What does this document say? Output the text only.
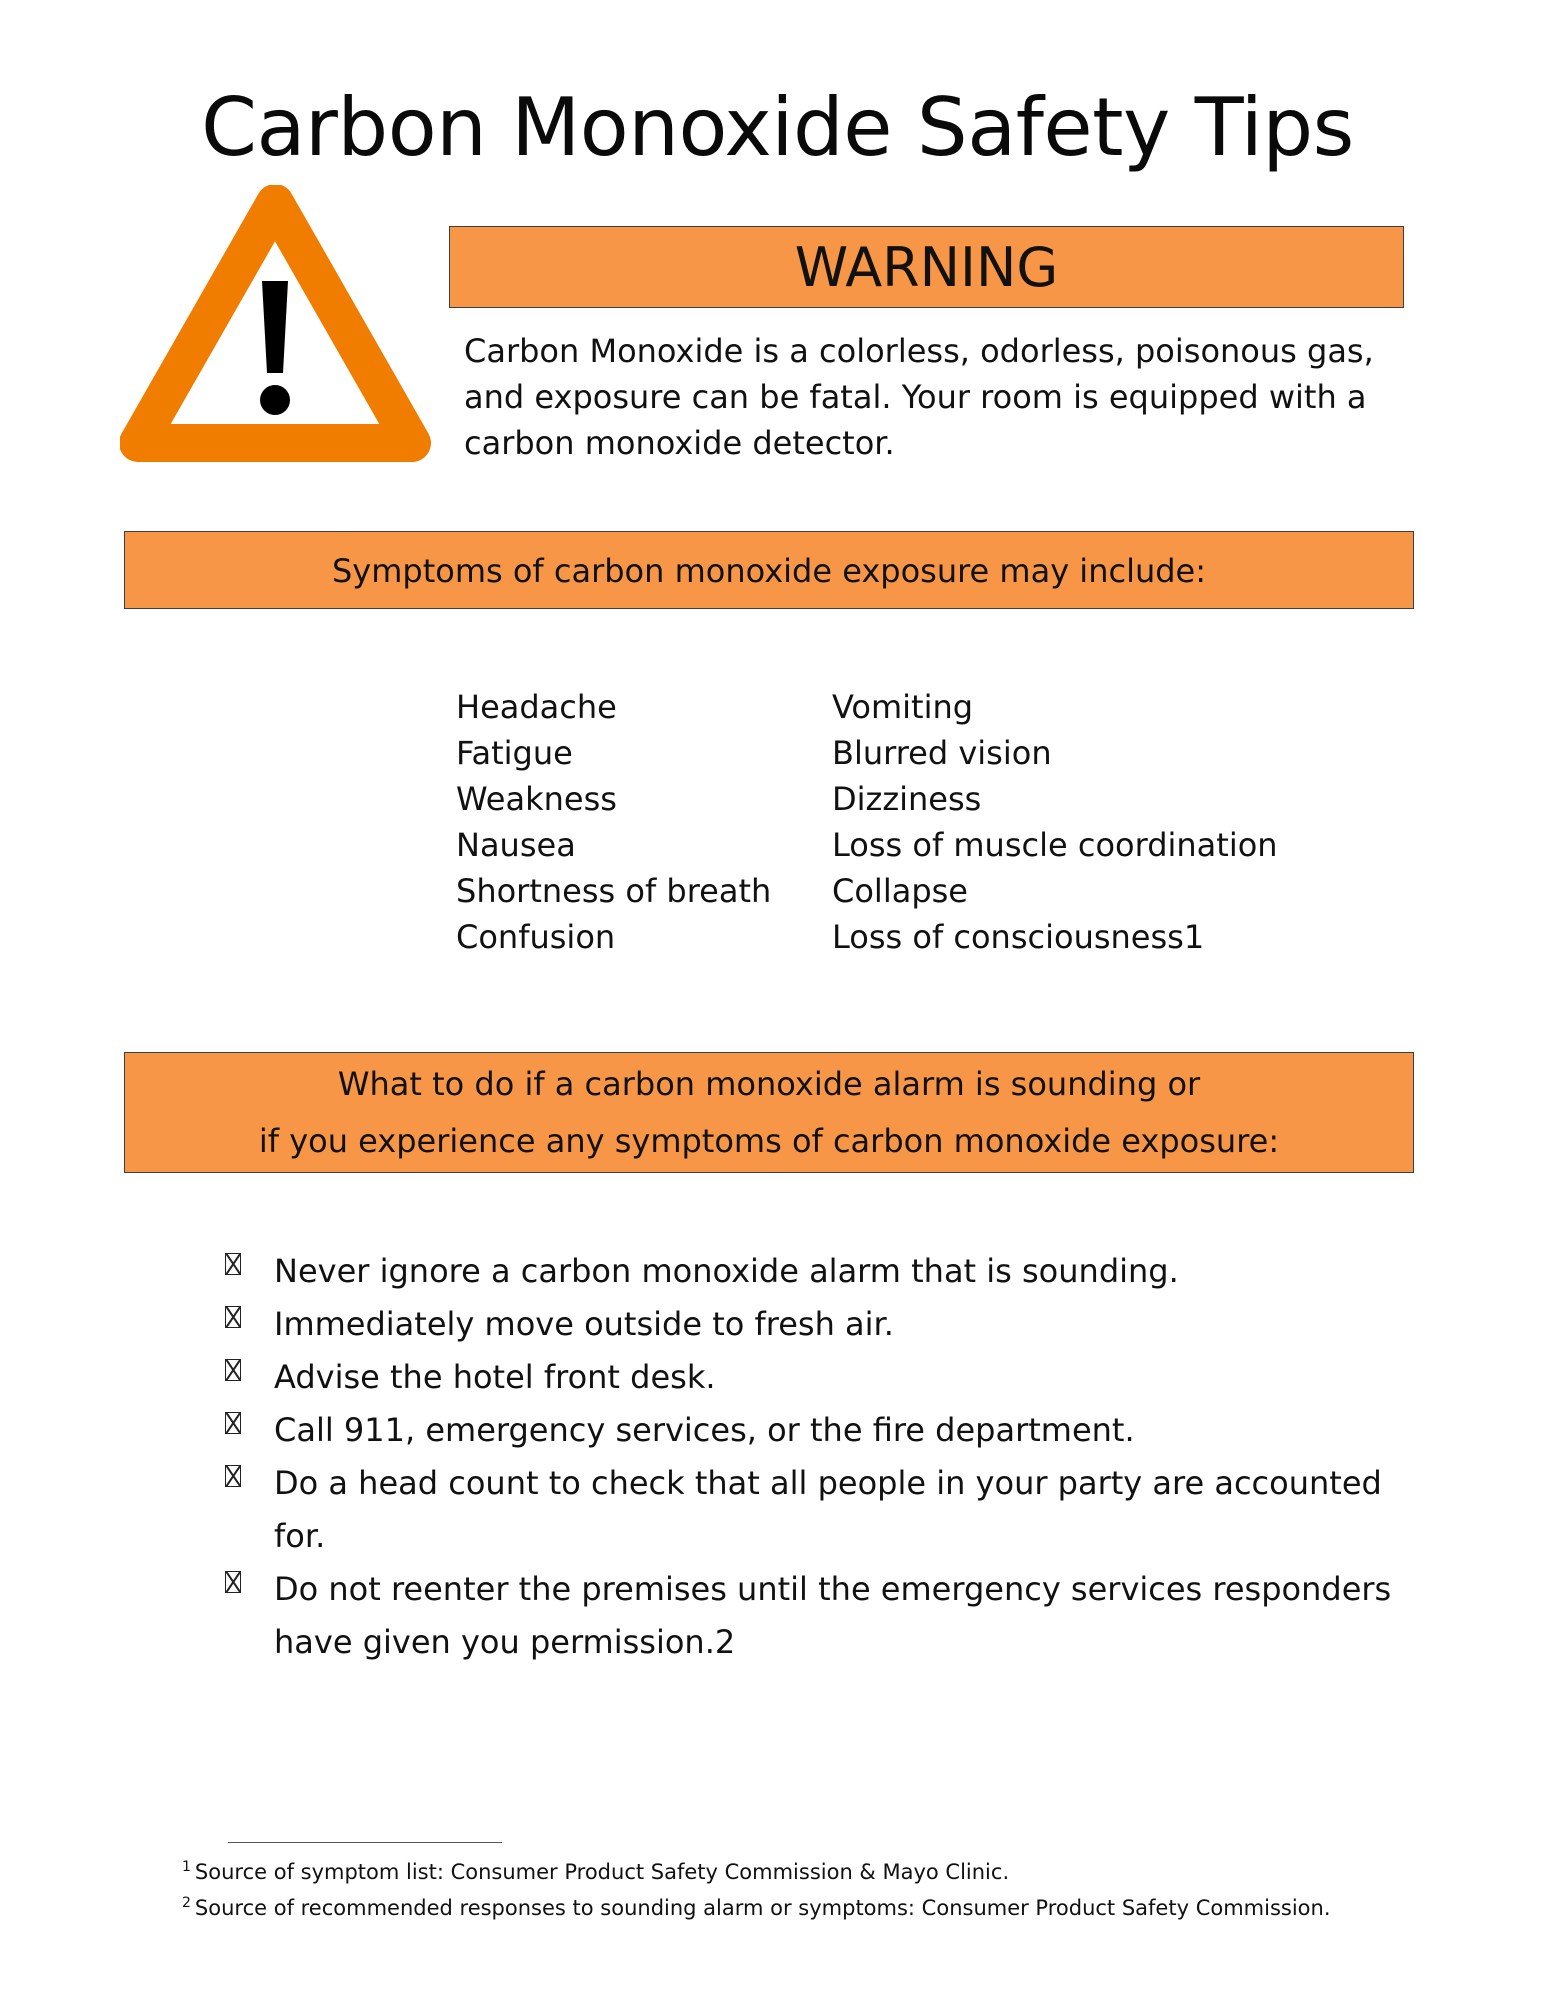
Carbon Monoxide Safety Tips
WARNING
Carbon Monoxide is a colorless, odorless, poisonous gas, and exposure can be fatal. Your room is equipped with a carbon monoxide detector.
Symptoms of carbon monoxide exposure may include:
Headache
Fatigue
Weakness
Nausea
Shortness of breath
Confusion
Vomiting
Blurred vision
Dizziness
Loss of muscle coordination
Collapse
Loss of consciousness1
What to do if a carbon monoxide alarm is sounding or
if you experience any symptoms of carbon monoxide exposure:
Never ignore a carbon monoxide alarm that is sounding.
Immediately move outside to fresh air.
Advise the hotel front desk.
Call 911, emergency services, or the fire department.
Do a head count to check that all people in your party are accounted for.
Do not reenter the premises until the emergency services responders have given you permission.2
$^1$ Source of symptom list: Consumer Product Safety Commission & Mayo Clinic.
$^2$ Source of recommended responses to sounding alarm or symptoms: Consumer Product Safety Commission.
